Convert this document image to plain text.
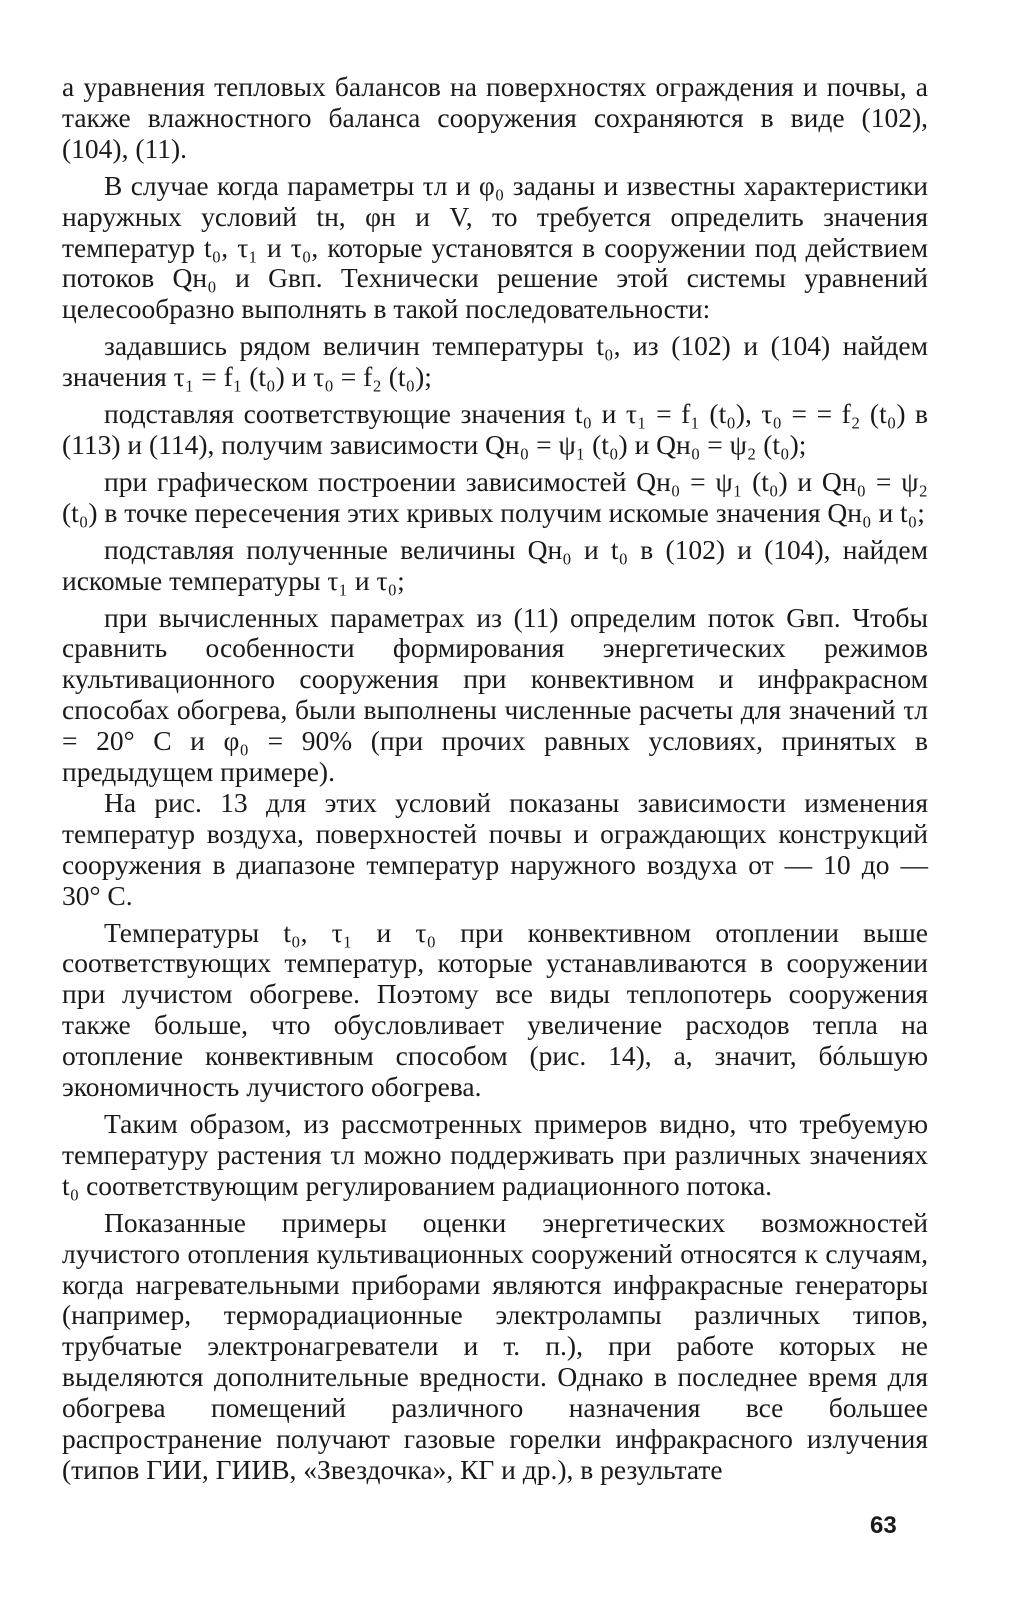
а уравнения тепловых балансов на поверхностях ограждения и почвы, а также влажностного баланса сооружения сохраняются в виде (102), (104), (11).

В случае когда параметры τл и φ₀ заданы и известны характеристики наружных условий tн, φн и V, то требуется определить значения температур t₀, τ₁ и τ₀, которые установятся в сооружении под действием потоков Qн₀ и Gвп. Технически решение этой системы уравнений целесообразно выполнять в такой последовательности:

задавшись рядом величин температуры t₀, из (102) и (104) найдем значения τ₁ = f₁ (t₀) и τ₀ = f₂ (t₀);

подставляя соответствующие значения t₀ и τ₁ = f₁ (t₀), τ₀ = = f₂ (t₀) в (113) и (114), получим зависимости Qн₀ = ψ₁ (t₀) и Qн₀ = ψ₂ (t₀);

при графическом построении зависимостей Qн₀ = ψ₁ (t₀) и Qн₀ = ψ₂ (t₀) в точке пересечения этих кривых получим искомые значения Qн₀ и t₀;

подставляя полученные величины Qн₀ и t₀ в (102) и (104), найдем искомые температуры τ₁ и τ₀;

при вычисленных параметрах из (11) определим поток Gвп. Чтобы сравнить особенности формирования энергетических режимов культивационного сооружения при конвективном и инфракрасном способах обогрева, были выполнены численные расчеты для значений τл = 20° С и φ₀ = 90% (при прочих равных условиях, принятых в предыдущем примере).

На рис. 13 для этих условий показаны зависимости изменения температур воздуха, поверхностей почвы и ограждающих конструкций сооружения в диапазоне температур наружного воздуха от — 10 до — 30° С.

Температуры t₀, τ₁ и τ₀ при конвективном отоплении выше соответствующих температур, которые устанавливаются в сооружении при лучистом обогреве. Поэтому все виды теплопотерь сооружения также больше, что обусловливает увеличение расходов тепла на отопление конвективным способом (рис. 14), а, значит, бóльшую экономичность лучистого обогрева.

Таким образом, из рассмотренных примеров видно, что требуемую температуру растения τл можно поддерживать при различных значениях t₀ соответствующим регулированием радиационного потока.

Показанные примеры оценки энергетических возможностей лучистого отопления культивационных сооружений относятся к случаям, когда нагревательными приборами являются инфракрасные генераторы (например, терморадиационные электролампы различных типов, трубчатые электронагреватели и т. п.), при работе которых не выделяются дополнительные вредности. Однако в последнее время для обогрева помещений различного назначения все большее распространение получают газовые горелки инфракрасного излучения (типов ГИИ, ГИИВ, «Звездочка», КГ и др.), в результате

63
